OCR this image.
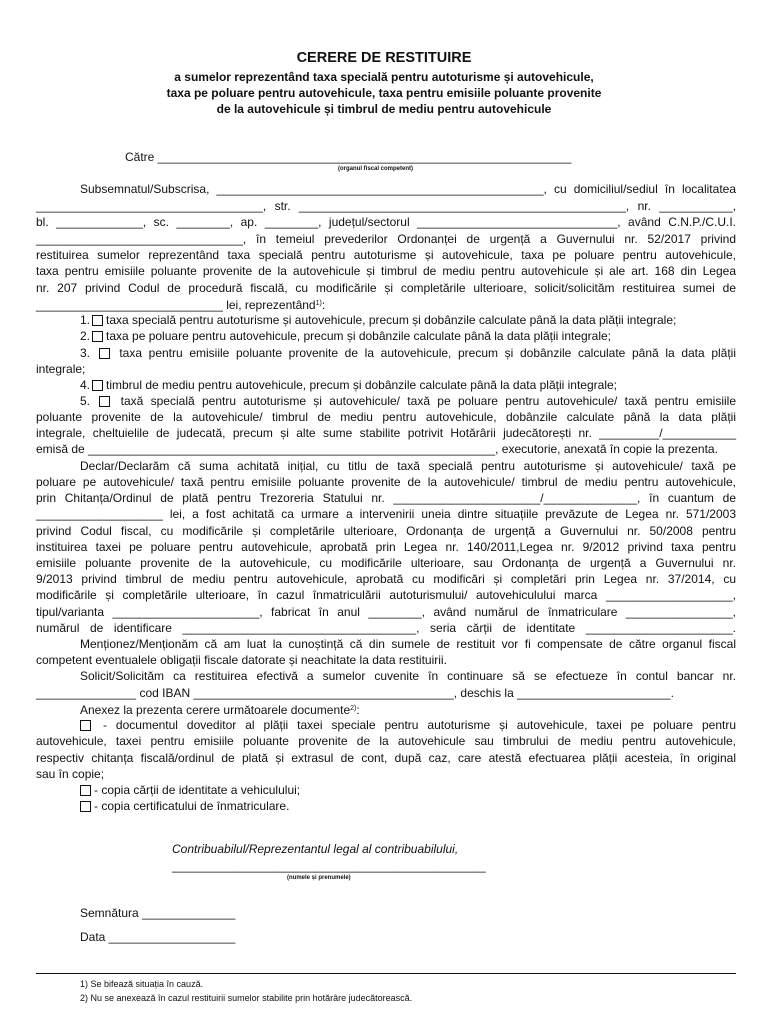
CERERE DE RESTITUIRE
a sumelor reprezentând taxa specială pentru autoturisme și autovehicule,
taxa pe poluare pentru autovehicule, taxa pentru emisiile poluante provenite
de la autovehicule și timbrul de mediu pentru autovehicule
Către ______________________________________________________________
(organul fiscal competent)
Subsemnatul/Subscrisa, _________________________________________________, cu domiciliul/sediul în localitatea
__________________________________, str. _________________________________________________, nr. ___________,
bl. _____________, sc. ________, ap. ________, județul/sectorul ______________________________, având C.N.P./C.U.I.
_______________________________, în temeiul prevederilor Ordonanței de urgență a Guvernului nr. 52/2017 privind
restituirea sumelor reprezentând taxa specială pentru autoturisme și autovehicule, taxa pe poluare pentru autovehicule,
taxa pentru emisiile poluante provenite de la autovehicule și timbrul de mediu pentru autovehicule și ale art. 168 din Legea
nr. 207 privind Codul de procedură fiscală, cu modificările și completările ulterioare, solicit/solicităm restituirea sumei de
____________________________ lei, reprezentând$^{1)}$:
1. taxa specială pentru autoturisme și autovehicule, precum și dobânzile calculate până la data plății integrale;
2. taxa pe poluare pentru autovehicule, precum și dobânzile calculate până la data plății integrale;
3. taxa pentru emisiile poluante provenite de la autovehicule, precum și dobânzile calculate până la data plății
integrale;
4. timbrul de mediu pentru autovehicule, precum și dobânzile calculate până la data plății integrale;
5.	taxă specială pentru autoturisme și autovehicule/ taxă pe poluare pentru autovehicule/ taxă pentru emisiile
poluante provenite de la autovehicule/ timbrul de mediu pentru autovehicule, dobânzile calculate până la data plății
integrale, cheltuielile de judecată, precum și alte sume stabilite potrivit Hotărârii judecătorești nr. _________/___________
emisă de _____________________________________________________________, executorie, anexată în copie la prezenta.
Declar/Declarăm că suma achitată inițial, cu titlu de taxă specială pentru autoturisme și autovehicule/ taxă pe
poluare pe autovehicule/ taxă pentru emisiile poluante provenite de la autovehicule/ timbrul de mediu pentru autovehicule,
prin Chitanța/Ordinul de plată pentru Trezoreria Statului nr. ______________________/______________, în cuantum de
___________________ lei, a fost achitată ca urmare a intervenirii uneia dintre situațiile prevăzute de Legea nr. 571/2003
privind Codul fiscal, cu modificările și completările ulterioare, Ordonanța de urgență a Guvernului nr. 50/2008 pentru
instituirea taxei pe poluare pentru autovehicule, aprobată prin Legea nr. 140/2011,Legea nr. 9/2012 privind taxa pentru
emisiile poluante provenite de la autovehicule, cu modificările ulterioare, sau Ordonanța de urgență a Guvernului nr.
9/2013 privind timbrul de mediu pentru autovehicule, aprobată cu modificări și completări prin Legea nr. 37/2014, cu
modificările și completările ulterioare, în cazul înmatriculării autoturismului/ autovehiculului marca ___________________,
tipul/varianta ______________________, fabricat în anul ________, având numărul de înmatriculare ________________,
numărul de identificare ___________________________________, seria cărții de identitate ______________________.
Menționez/Menționăm că am luat la cunoștință că din sumele de restituit vor fi compensate de către organul fiscal
competent eventualele obligații fiscale datorate și neachitate la data restituirii.
Solicit/Solicităm ca restituirea efectivă a sumelor cuvenite în continuare să se efectueze în contul bancar nr.
_______________ cod IBAN _______________________________________, deschis la _______________________.
Anexez la prezenta cerere următoarele documente$^{2)}$:
- documentul doveditor al plății taxei speciale pentru autoturisme și autovehicule, taxei pe poluare pentru
autovehicule, taxei pentru emisiile poluante provenite de la autovehicule sau timbrului de mediu pentru autovehicule,
respectiv chitanța fiscală/ordinul de plată și extrasul de cont, după caz, care atestă efectuarea plății acesteia, în original
sau în copie;
- copia cărții de identitate a vehiculului;
- copia certificatului de înmatriculare.
Contribuabilul/Reprezentantul legal al contribuabilului,
_______________________________________________
(numele și prenumele)
Semnătura ______________
Data ___________________
1) Se bifează situația în cauză.
2) Nu se anexează în cazul restituirii sumelor stabilite prin hotărâre judecătorească.
